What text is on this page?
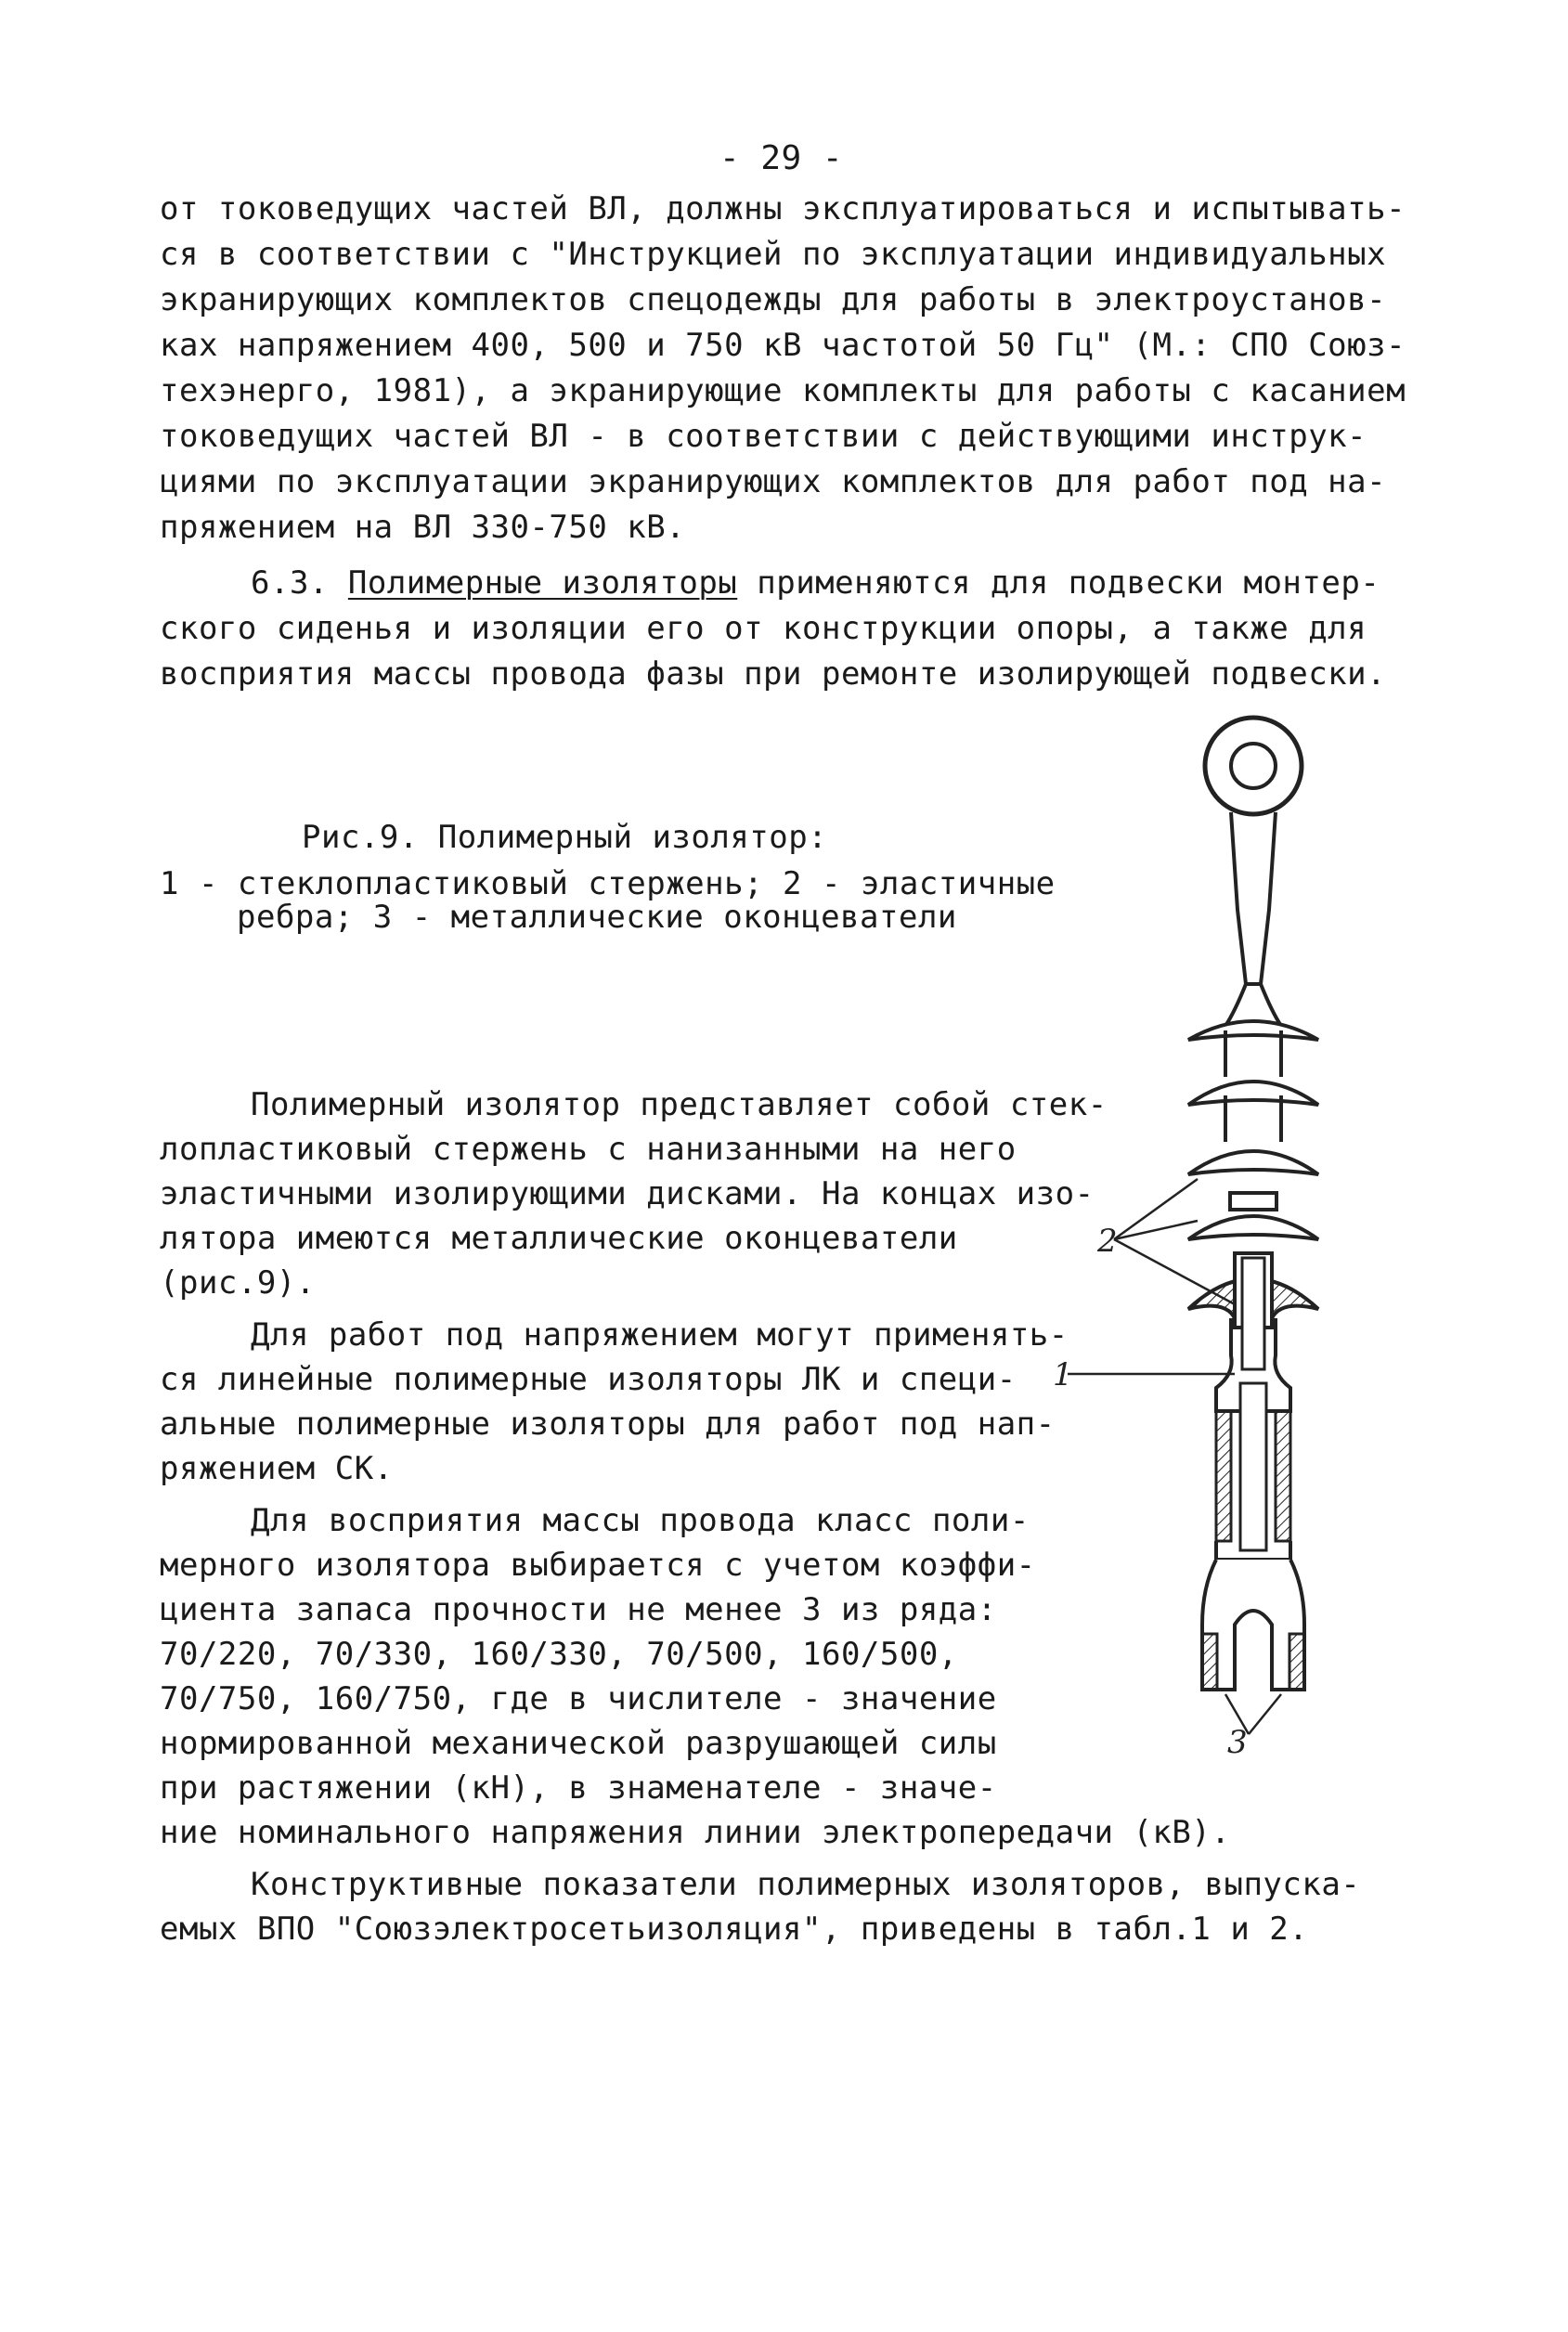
- 29 -
от токоведущих частей ВЛ, должны эксплуатироваться и испытывать-
ся в соответствии с "Инструкцией по эксплуатации индивидуальных
экранирующих комплектов спецодежды для работы в электроустанов-
ках напряжением 400, 500 и 750 кВ частотой 50 Гц" (М.: СПО Союз-
техэнерго, 1981), а экранирующие комплекты для работы с касанием
токоведущих частей ВЛ - в соответствии с действующими инструк-
циями по эксплуатации экранирующих комплектов для работ под на-
пряжением на ВЛ 330-750 кВ.
6.3. Полимерные изоляторы применяются для подвески монтер-
ского сиденья и изоляции его от конструкции опоры, а также для
восприятия массы провода фазы при ремонте изолирующей подвески.
Рис.9. Полимерный изолятор:
1 - стеклопластиковый стержень; 2 - эластичные
ребра; 3 - металлические оконцеватели
Полимерный изолятор представляет собой стек-
лопластиковый стержень с нанизанными на него
эластичными изолирующими дисками. На концах изо-
лятора имеются металлические оконцеватели
(рис.9).
Для работ под напряжением могут применять-
ся линейные полимерные изоляторы ЛК и специ-
альные полимерные изоляторы для работ под нап-
ряжением СК.
Для восприятия массы провода класс поли-
мерного изолятора выбирается с учетом коэффи-
циента запаса прочности не менее 3 из ряда:
70/220, 70/330, 160/330, 70/500, 160/500,
70/750, 160/750, где в числителе - значение
нормированной механической разрушающей силы
при растяжении (кН), в знаменателе - значе-
ние номинального напряжения линии электропередачи (кВ).
Конструктивные показатели полимерных изоляторов, выпуска-
емых ВПО "Союзэлектросетьизоляция", приведены в табл.1 и 2.
2
1
3
